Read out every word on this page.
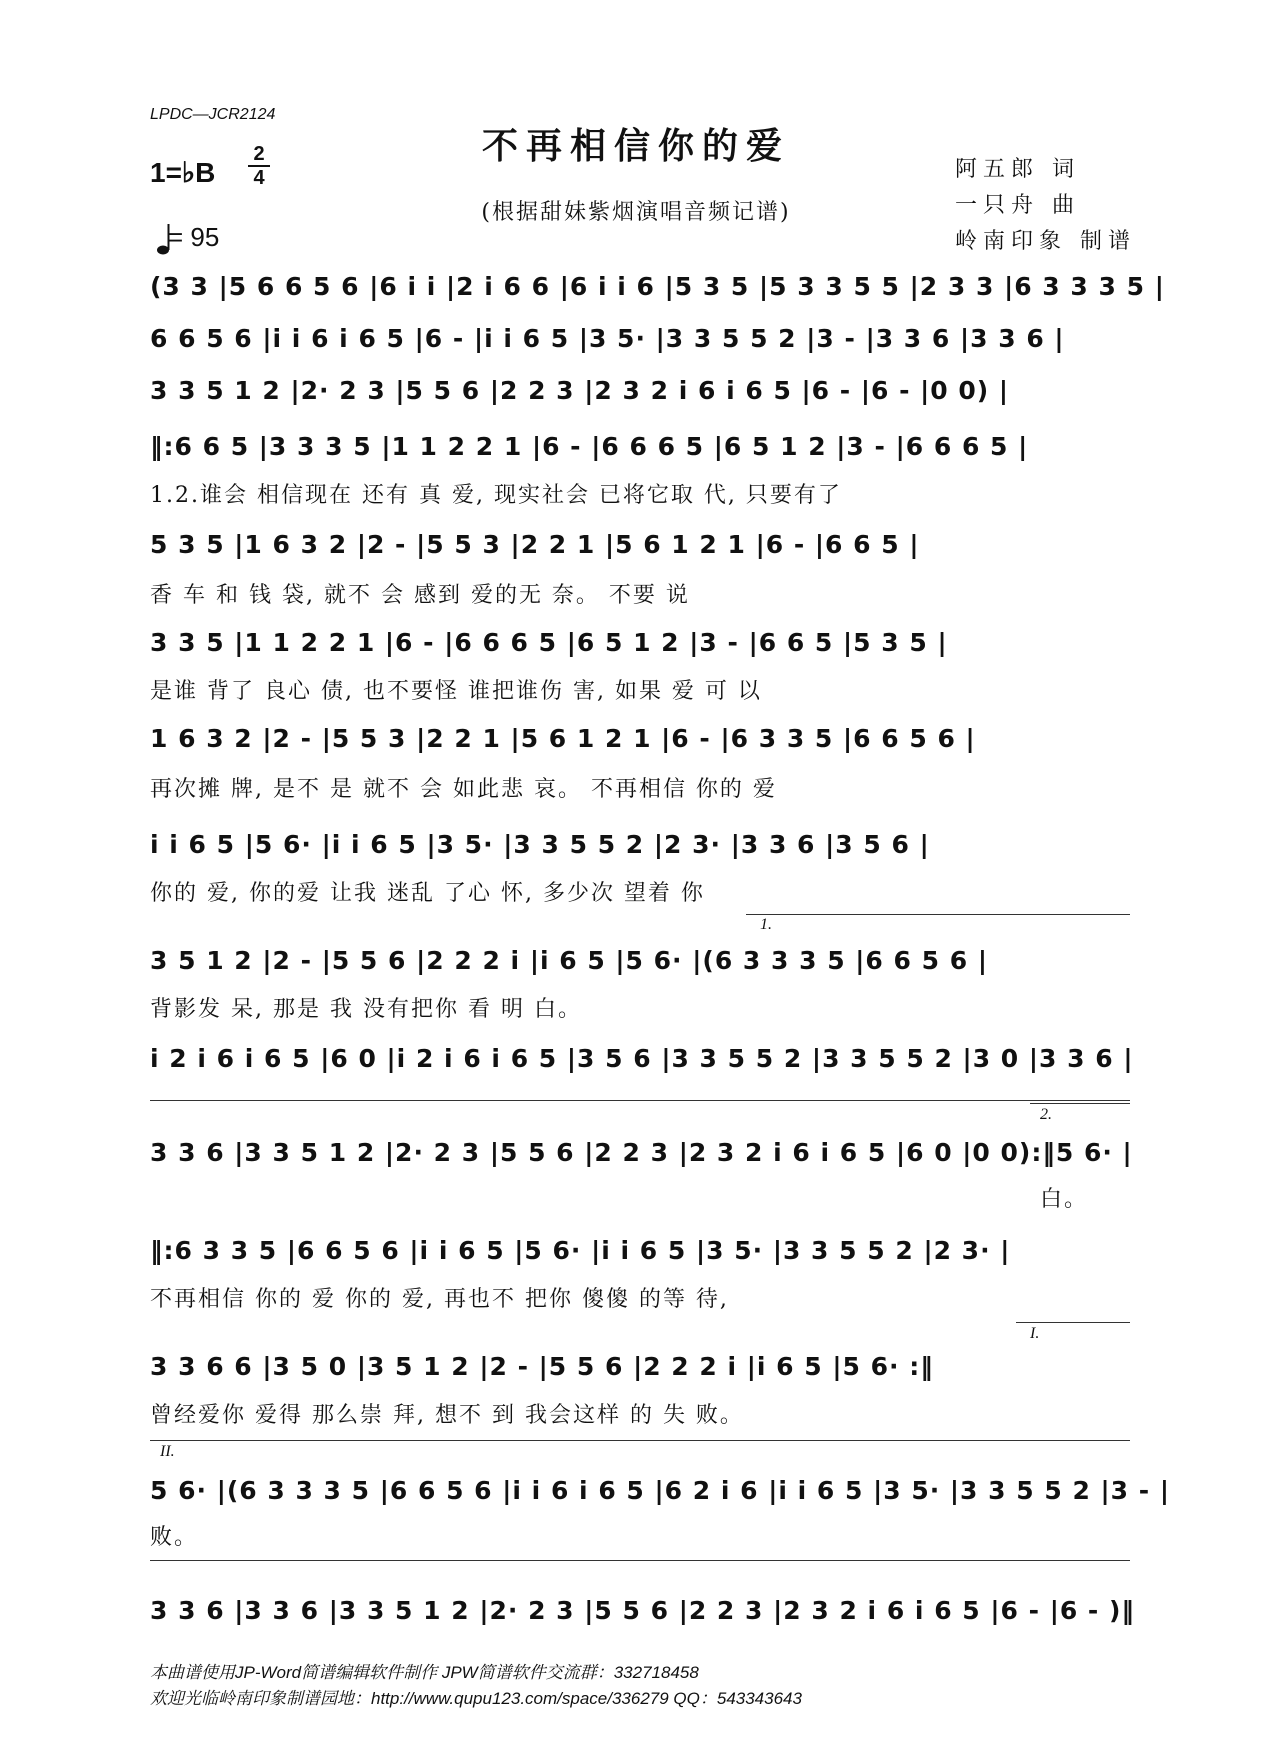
LPDC—JCR2124
不再相信你的爱
1=♭B
2
4
= 95
(根据甜妹紫烟演唱音频记谱)
阿五郎 词
一只舟 曲
岭南印象 制谱
(3 3 |5 6 6 5 6 |6 i i |2 i 6 6 |6 i i 6 |5 3 5 |5 3 3 5 5 |2 3 3 |6 3 3 3 5 |
6 6 5 6 |i i 6 i 6 5 |6 - |i i 6 5 |3 5· |3 3 5 5 2 |3 - |3 3 6 |3 3 6 |
3 3 5 1 2 |2· 2 3 |5 5 6 |2 2 3 |2 3 2 i 6 i 6 5 |6 - |6 - |0 0) |
‖:6 6 5 |3 3 3 5 |1 1 2 2 1 |6 - |6 6 6 5 |6 5 1 2 |3 - |6 6 6 5 |
1.2.谁会 相信现在 还有 真 爱, 现实社会 已将它取 代, 只要有了
5 3 5 |1 6 3 2 |2 - |5 5 3 |2 2 1 |5 6 1 2 1 |6 - |6 6 5 |
香 车 和 钱 袋, 就不 会 感到 爱的无 奈。 不要 说
3 3 5 |1 1 2 2 1 |6 - |6 6 6 5 |6 5 1 2 |3 - |6 6 5 |5 3 5 |
是谁 背了 良心 债, 也不要怪 谁把谁伤 害, 如果 爱 可 以
1 6 3 2 |2 - |5 5 3 |2 2 1 |5 6 1 2 1 |6 - |6 3 3 5 |6 6 5 6 |
再次摊 牌, 是不 是 就不 会 如此悲 哀。 不再相信 你的 爱
i i 6 5 |5 6· |i i 6 5 |3 5· |3 3 5 5 2 |2 3· |3 3 6 |3 5 6 |
你的 爱, 你的爱 让我 迷乱 了心 怀, 多少次 望着 你
1.
3 5 1 2 |2 - |5 5 6 |2 2 2 i |i 6 5 |5 6· |(6 3 3 3 5 |6 6 5 6 |
背影发 呆, 那是 我 没有把你 看 明 白。
i 2 i 6 i 6 5 |6 0 |i 2 i 6 i 6 5 |3 5 6 |3 3 5 5 2 |3 3 5 5 2 |3 0 |3 3 6 |
2.
3 3 6 |3 3 5 1 2 |2· 2 3 |5 5 6 |2 2 3 |2 3 2 i 6 i 6 5 |6 0 |0 0):‖5 6· |
白。
‖:6 3 3 5 |6 6 5 6 |i i 6 5 |5 6· |i i 6 5 |3 5· |3 3 5 5 2 |2 3· |
不再相信 你的 爱 你的 爱, 再也不 把你 傻傻 的等 待,
I.
3 3 6 6 |3 5 0 |3 5 1 2 |2 - |5 5 6 |2 2 2 i |i 6 5 |5 6· :‖
曾经爱你 爱得 那么崇 拜, 想不 到 我会这样 的 失 败。
II.
5 6· |(6 3 3 3 5 |6 6 5 6 |i i 6 i 6 5 |6 2 i 6 |i i 6 5 |3 5· |3 3 5 5 2 |3 - |
败。
3 3 6 |3 3 6 |3 3 5 1 2 |2· 2 3 |5 5 6 |2 2 3 |2 3 2 i 6 i 6 5 |6 - |6 - )‖
本曲谱使用JP-Word简谱编辑软件制作 JPW简谱软件交流群：332718458
欢迎光临岭南印象制谱园地：http://www.qupu123.com/space/336279 QQ：543343643
